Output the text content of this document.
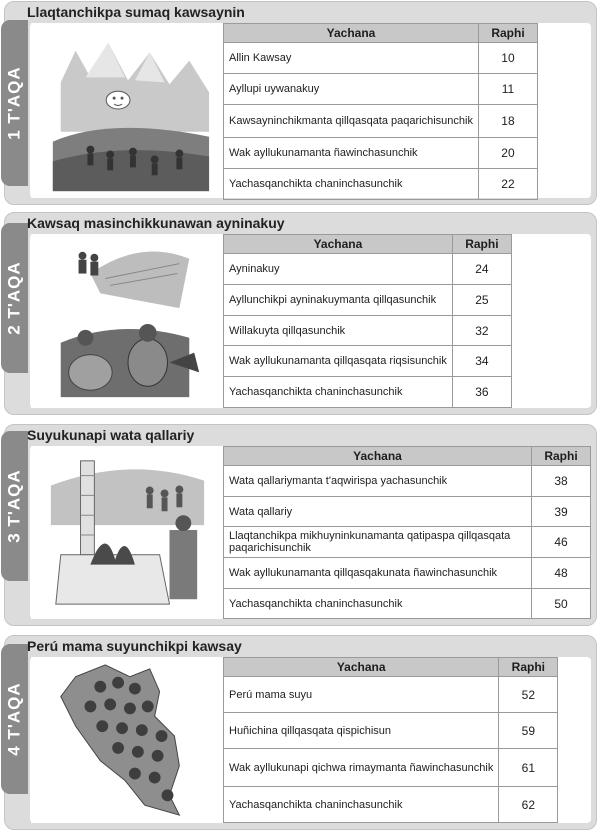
1 T'AQA
Llaqtanchikpa sumaq kawsaynin
Yachana	Raphi
Allin Kawsay	10
Ayllupi uywanakuy	11
Kawsayninchikmanta qillqasqata paqarichisunchik	18
Wak ayllukunamanta ñawinchasunchik	20
Yachasqanchikta chaninchasunchik	22
2 T'AQA
Kawsaq masinchikkunawan ayninakuy
Yachana	Raphi
Ayninakuy	24
Ayllunchikpi ayninakuymanta qillqasunchik	25
Willakuyta qillqasunchik	32
Wak ayllukunamanta qillqasqata riqsisunchik	34
Yachasqanchikta chaninchasunchik	36
3 T'AQA
Suyukunapi wata qallariy
Yachana	Raphi
Wata qallariymanta t'aqwirispa yachasunchik	38
Wata qallariy	39
Llaqtanchikpa mikhuyninkunamanta qatipaspa qillqasqata paqarichisunchik	46
Wak ayllukunamanta qillqasqakunata ñawinchasunchik	48
Yachasqanchikta chaninchasunchik	50
4 T'AQA
Perú mama suyunchikpi kawsay
Yachana	Raphi
Perú mama suyu	52
Huñichina qillqasqata qispichisun	59
Wak ayllukunapi qichwa rimaymanta ñawinchasunchik	61
Yachasqanchikta chaninchasunchik	62
